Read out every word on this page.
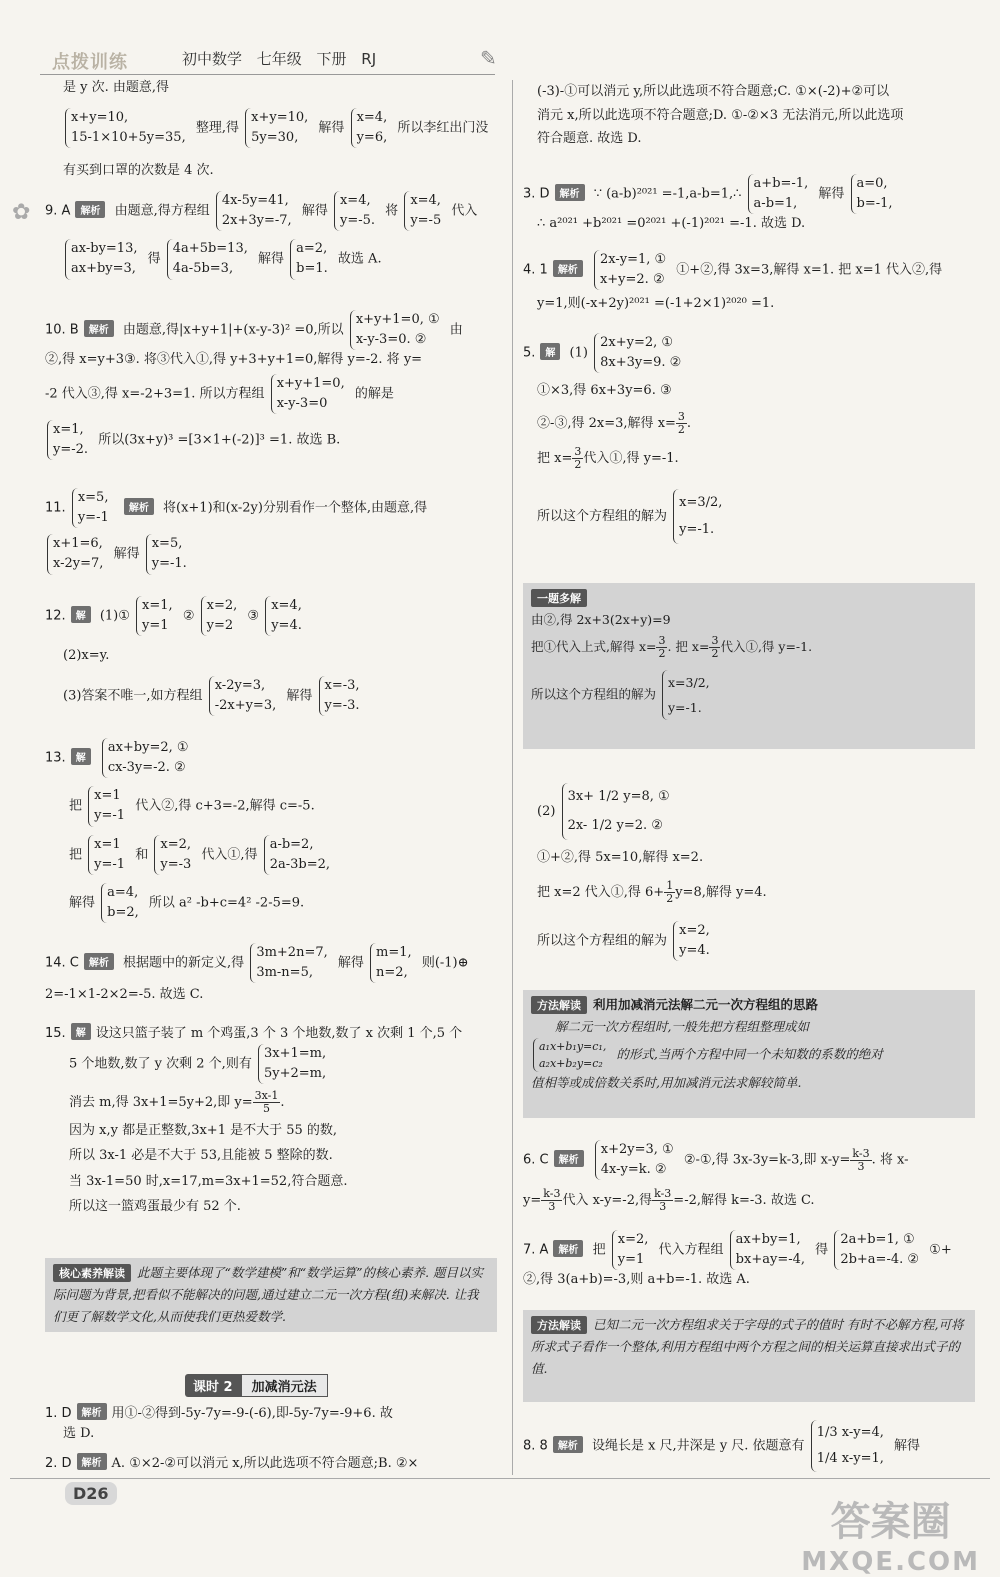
点拨训练	初中数学 七年级 下册 RJ	✎
✿
是 y 次. 由题意,得
x+y=10,
15-1×10+5y=35, 整理,得 x+y=10,
5y=30, 解得 x=4,
y=6, 所以李红出门没
有买到口罩的次数是 4 次.
9. A 解析 由题意,得方程组 4x-5y=41,
2x+3y=-7, 解得 x=4,
y=-5. 将 x=4,
y=-5 代入
ax-by=13,
ax+by=3, 得 4a+5b=13,
4a-5b=3, 解得 a=2,
b=1. 故选 A.
10. B 解析 由题意,得|x+y+1|+(x-y-3)² =0,所以 x+y+1=0, ①
x-y-3=0. ② 由
②,得 x=y+3③. 将③代入①,得 y+3+y+1=0,解得 y=-2. 将 y=
-2 代入③,得 x=-2+3=1. 所以方程组 x+y+1=0,
x-y-3=0 的解是
x=1,
y=-2. 所以(3x+y)³ =[3×1+(-2)]³ =1. 故选 B.
11. x=5,
y=-1 解析 将(x+1)和(x-2y)分别看作一个整体,由题意,得
x+1=6,
x-2y=7, 解得 x=5,
y=-1.
12. 解 (1)① x=1,
y=1 ② x=2,
y=2 ③ x=4,
y=4.
(2)x=y.
(3)答案不唯一,如方程组 x-2y=3,
-2x+y=3, 解得 x=-3,
y=-3.
13. 解 ax+by=2, ①
cx-3y=-2. ②
把 x=1
y=-1 代入②,得 c+3=-2,解得 c=-5.
把 x=1
y=-1 和 x=2,
y=-3 代入①,得 a-b=2,
2a-3b=2,
解得 a=4,
b=2, 所以 a² -b+c=4² -2-5=9.
14. C 解析 根据题中的新定义,得 3m+2n=7,
3m-n=5, 解得 m=1,
n=2, 则(-1)⊕
2=-1×1-2×2=-5. 故选 C.
15. 解 设这只篮子装了 m 个鸡蛋,3 个 3 个地数,数了 x 次剩 1 个,5 个
5 个地数,数了 y 次剩 2 个,则有 3x+1=m,
5y+2=m,
消去 m,得 3x+1=5y+2,即 $y= \frac{3x-1}{5}$ .
因为 x,y 都是正整数,3x+1 是不大于 55 的数,
所以 3x-1 必是不大于 53,且能被 5 整除的数.
当 3x-1=50 时,x=17,m=3x+1=52,符合题意.
所以这一篮鸡蛋最少有 52 个.
核心素养解读 此题主要体现了“数学建模”和“数学运算”的核心素养. 题目以实际问题为背景,把看似不能解决的问题,通过建立二元一次方程(组)来解决. 让我们更了解数学文化,从而使我们更热爱数学.
课时 2	加减消元法
1. D 解析 用①-②得到-5y-7y=-9-(-6),即-5y-7y=-9+6. 故
选 D.
2. D 解析 A. ①×2-②可以消元 x,所以此选项不符合题意;B. ②×
(-3)-①可以消元 y,所以此选项不符合题意;C. ①×(-2)+②可以
消元 x,所以此选项不符合题意;D. ①-②×3 无法消元,所以此选项
符合题意. 故选 D.
3. D 解析 ∵ (a-b)²⁰²¹ =-1,a-b=1,∴ a+b=-1,
a-b=1, 解得 a=0,
b=-1,
∴ a²⁰²¹ +b²⁰²¹ =0²⁰²¹ +(-1)²⁰²¹ =-1. 故选 D.
4. 1 解析 2x-y=1, ①
x+y=2. ② ①+②,得 3x=3,解得 x=1. 把 x=1 代入②,得
y=1,则(-x+2y)²⁰²¹ =(-1+2×1)²⁰²⁰ =1.
5. 解 (1) 2x+y=2, ①
8x+3y=9. ②
①×3,得 6x+3y=6. ③
②-③,得 2x=3,解得 $x= \frac{3}{2}$ .
把 $x= \frac{3}{2}$ 代入①,得 y=-1.
所以这个方程组的解为 x=3/2,
y=-1.
一题多解
由②,得 2x+3(2x+y)=9
把①代入上式,解得 $x= \frac{3}{2}$ . 把 $x= \frac{3}{2}$ 代入①,得 y=-1.
所以这个方程组的解为 x=3/2,
y=-1.
(2) 3x+ 1/2 y=8, ①
2x- 1/2 y=2. ②
①+②,得 5x=10,解得 x=2.
把 x=2 代入①,得 $6+ \frac{1}{2} y=8$,解得 y=4.
所以这个方程组的解为 x=2,
y=4.
方法解读 利用加减消元法解二元一次方程组的思路
解二元一次方程组时,一般先把方程组整理成如
a₁x+b₁y=c₁,
a₂x+b₂y=c₂ 的形式,当两个方程中同一个未知数的系数的绝对
值相等或成倍数关系时,用加减消元法求解较简单.
6. C 解析 x+2y=3, ①
4x-y=k. ② ②-①,得 3x-3y=k-3,即 $x-y= \frac{k-3}{3}$ . 将 x-
$y= \frac{k-3}{3}$ 代入 x-y=-2,得 $\frac{k-3}{3} =-2$,解得 k=-3. 故选 C.
7. A 解析 把 x=2,
y=1 代入方程组 ax+by=1,
bx+ay=-4, 得 2a+b=1, ①
2b+a=-4. ② ①+
②,得 3(a+b)=-3,则 a+b=-1. 故选 A.
方法解读 已知二元一次方程组求关于字母的式子的值时 有时不必解方程,可将所求式子看作一个整体,利用方程组中两个方程之间的相关运算直接求出式子的值.
8. 8 解析 设绳长是 x 尺,井深是 y 尺. 依题意有 1/3 x-y=4,
1/4 x-y=1, 解得
D26
答案圈
MXQE.COM
